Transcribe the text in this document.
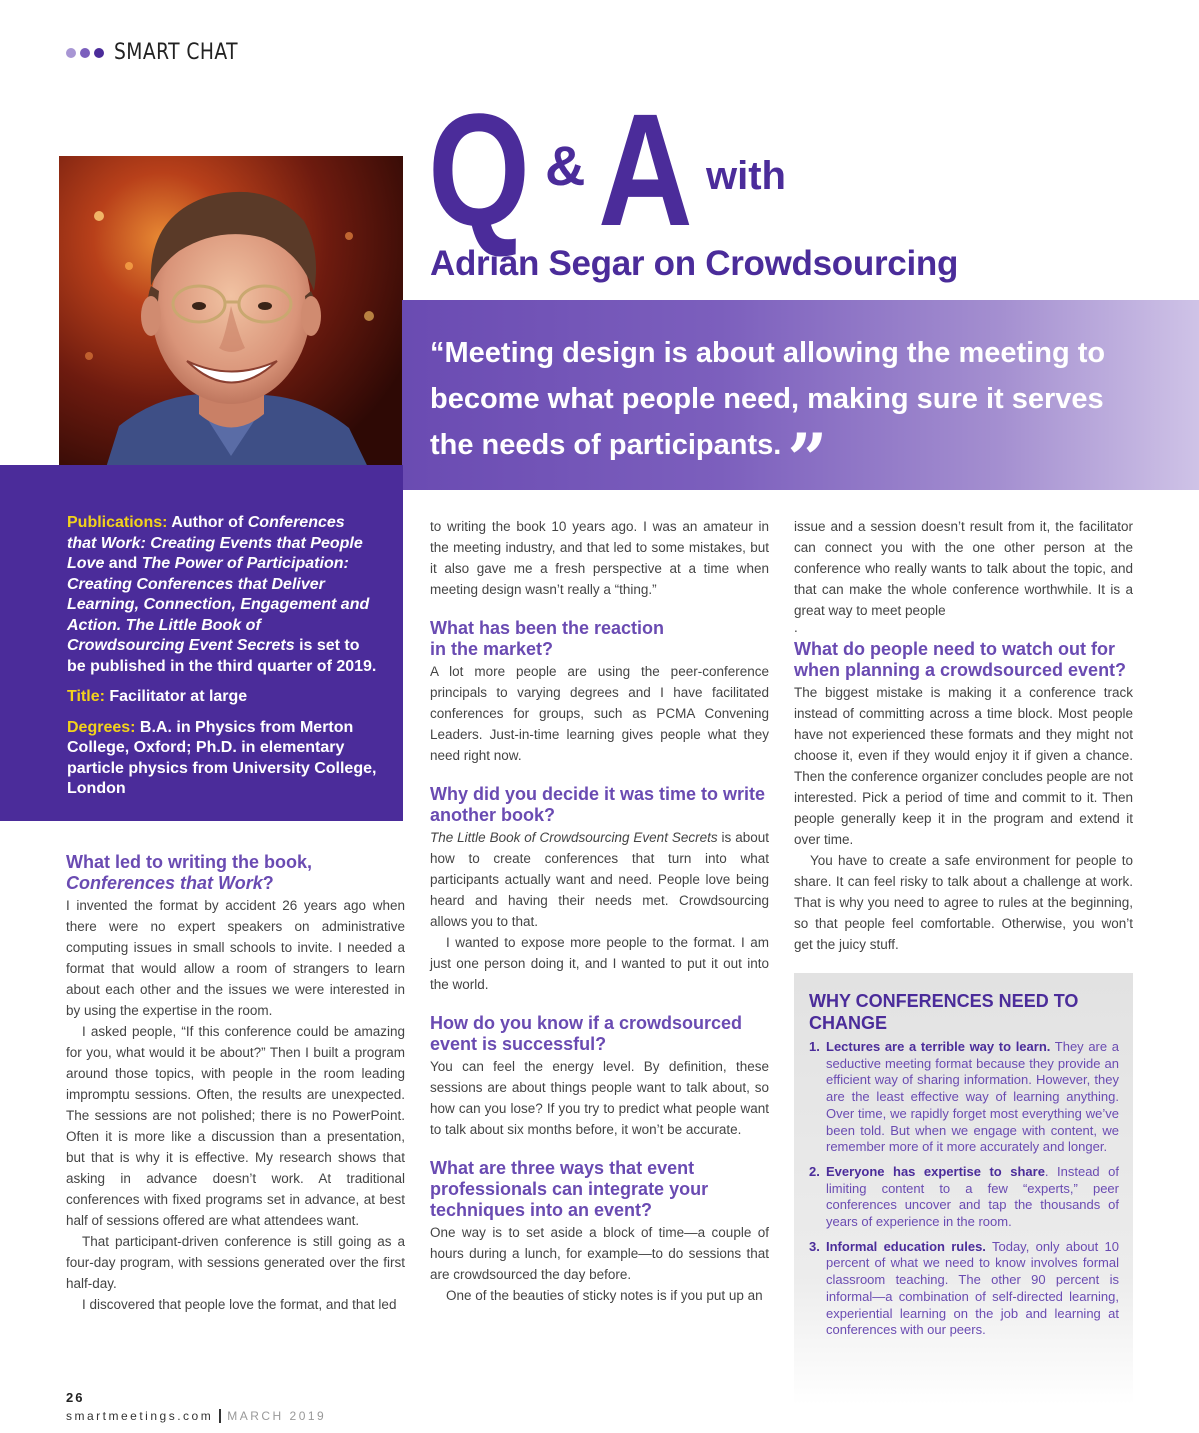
SMART CHAT
Q & A with
Adrian Segar on Crowdsourcing
“Meeting design is about allowing the meeting to become what people need, making sure it serves the needs of participants.”

Publications: Author of Conferences that Work: Creating Events that People Love and The Power of Participation: Creating Conferences that Deliver Learning, Connection, Engagement and Action. The Little Book of Crowdsourcing Event Secrets is set to be published in the third quarter of 2019.

Title: Facilitator at large

Degrees: B.A. in Physics from Merton College, Oxford; Ph.D. in elementary particle physics from University College, London

What led to writing the book,
Conferences that Work?

I invented the format by accident 26 years ago when there were no expert speakers on administrative computing issues in small schools to invite. I needed a format that would allow a room of strangers to learn about each other and the issues we were interested in by using the expertise in the room.

I asked people, “If this conference could be amazing for you, what would it be about?” Then I built a program around those topics, with people in the room leading impromptu sessions. Often, the results are unexpected. The sessions are not polished; there is no PowerPoint. Often it is more like a discussion than a presentation, but that is why it is effective. My research shows that asking in advance doesn’t work. At traditional conferences with fixed programs set in advance, at best half of sessions offered are what attendees want.

That participant-driven conference is still going as a four-day program, with sessions generated over the first half-day.

I discovered that people love the format, and that led

to writing the book 10 years ago. I was an amateur in the meeting industry, and that led to some mistakes, but it also gave me a fresh perspective at a time when meeting design wasn’t really a “thing.”

What has been the reaction in the market?

A lot more people are using the peer-conference principals to varying degrees and I have facilitated conferences for groups, such as PCMA Convening Leaders. Just-in-time learning gives people what they need right now.

Why did you decide it was time to write another book?

The Little Book of Crowdsourcing Event Secrets is about how to create conferences that turn into what participants actually want and need. People love being heard and having their needs met. Crowdsourcing allows you to that.

I wanted to expose more people to the format. I am just one person doing it, and I wanted to put it out into the world.

How do you know if a crowdsourced event is successful?

You can feel the energy level. By definition, these sessions are about things people want to talk about, so how can you lose? If you try to predict what people want to talk about six months before, it won’t be accurate.

What are three ways that event professionals can integrate your techniques into an event?

One way is to set aside a block of time—a couple of hours during a lunch, for example—to do sessions that are crowdsourced the day before.

One of the beauties of sticky notes is if you put up an

issue and a session doesn’t result from it, the facilitator can connect you with the one other person at the conference who really wants to talk about the topic, and that can make the whole conference worthwhile. It is a great way to meet people

.

What do people need to watch out for when planning a crowdsourced event?

The biggest mistake is making it a conference track instead of committing across a time block. Most people have not experienced these formats and they might not choose it, even if they would enjoy it if given a chance. Then the conference organizer concludes people are not interested. Pick a period of time and commit to it. Then people generally keep it in the program and extend it over time.

You have to create a safe environment for people to share. It can feel risky to talk about a challenge at work. That is why you need to agree to rules at the beginning, so that people feel comfortable. Otherwise, you won’t get the juicy stuff.

WHY CONFERENCES NEED TO CHANGE
1. Lectures are a terrible way to learn. They are a seductive meeting format because they provide an efficient way of sharing information. However, they are the least effective way of learning anything. Over time, we rapidly forget most everything we’ve been told. But when we engage with content, we remember more of it more accurately and longer.
2. Everyone has expertise to share. Instead of limiting content to a few “experts,” peer conferences uncover and tap the thousands of years of experience in the room.
3. Informal education rules. Today, only about 10 percent of what we need to know involves formal classroom teaching. The other 90 percent is informal—a combination of self-directed learning, experiential learning on the job and learning at conferences with our peers.
26
smartmeetings.com MARCH 2019
